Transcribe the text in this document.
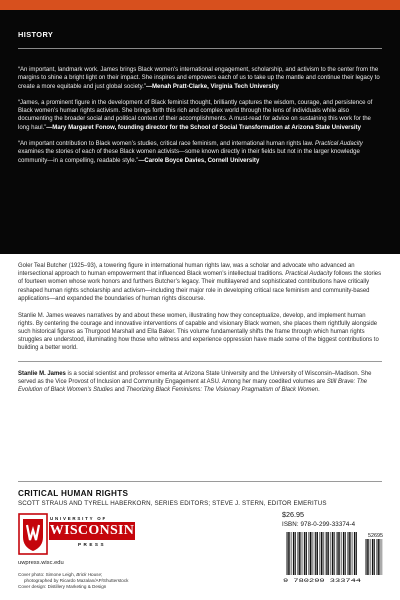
HISTORY

“An important, landmark work. James brings Black women’s international engagement, scholarship, and activism to the center from the margins to shine a bright light on their impact. She inspires and empowers each of us to take up the mantle and continue their legacy to create a more equitable and just global society.”—Menah Pratt-Clarke, Virginia Tech University

“James, a prominent figure in the development of Black feminist thought, brilliantly captures the wisdom, courage, and persistence of Black women’s human rights activism. She brings forth this rich and complex world through the lens of individuals while also documenting the broader social and political context of their accomplishments. A must-read for advice on sustaining this work for the long haul.”—Mary Margaret Fonow, founding director for the School of Social Transformation at Arizona State University

“An important contribution to Black women’s studies, critical race feminism, and international human rights law. Practical Audacity examines the stories of each of these Black women activists—some known directly in their fields but not in the larger knowledge community—in a compelling, readable style.”—Carole Boyce Davies, Cornell University

Goler Teal Butcher (1925–93), a towering figure in international human rights law, was a scholar and advocate who advanced an intersectional approach to human empowerment that influenced Black women’s intellectual traditions. Practical Audacity follows the stories of fourteen women whose work honors and furthers Butcher’s legacy. Their multilayered and sophisticated contributions have critically reshaped human rights scholarship and activism—including their major role in developing critical race feminism and community-based applications—and expanded the boundaries of human rights discourse.

Stanlie M. James weaves narratives by and about these women, illustrating how they conceptualize, develop, and implement human rights. By centering the courage and innovative interventions of capable and visionary Black women, she places them rightfully alongside such historical figures as Thurgood Marshall and Ella Baker. This volume fundamentally shifts the frame through which human rights struggles are understood, illuminating how those who witness and experience oppression have made some of the biggest contributions to building a better world.

Stanlie M. James is a social scientist and professor emerita at Arizona State University and the University of Wisconsin–Madison. She served as the Vice Provost of Inclusion and Community Engagement at ASU. Among her many coedited volumes are Still Brave: The Evolution of Black Women’s Studies and Theorizing Black Feminisms: The Visionary Pragmatism of Black Women.

CRITICAL HUMAN RIGHTS
SCOTT STRAUS AND TYRELL HABERKORN, SERIES EDITORS; STEVE J. STERN, EDITOR EMERITUS
UNIVERSITY OF
WISCONSIN
PRESS
uwpress.wisc.edu
Cover photo: Simone Leigh, Brick House;
photographed by Ricardo Mazalan/AP/Shutterstock
Cover design: Distillery Marketing & Design
$26.95
ISBN: 978-0-299-33374-4
52695
9 780299 333744
